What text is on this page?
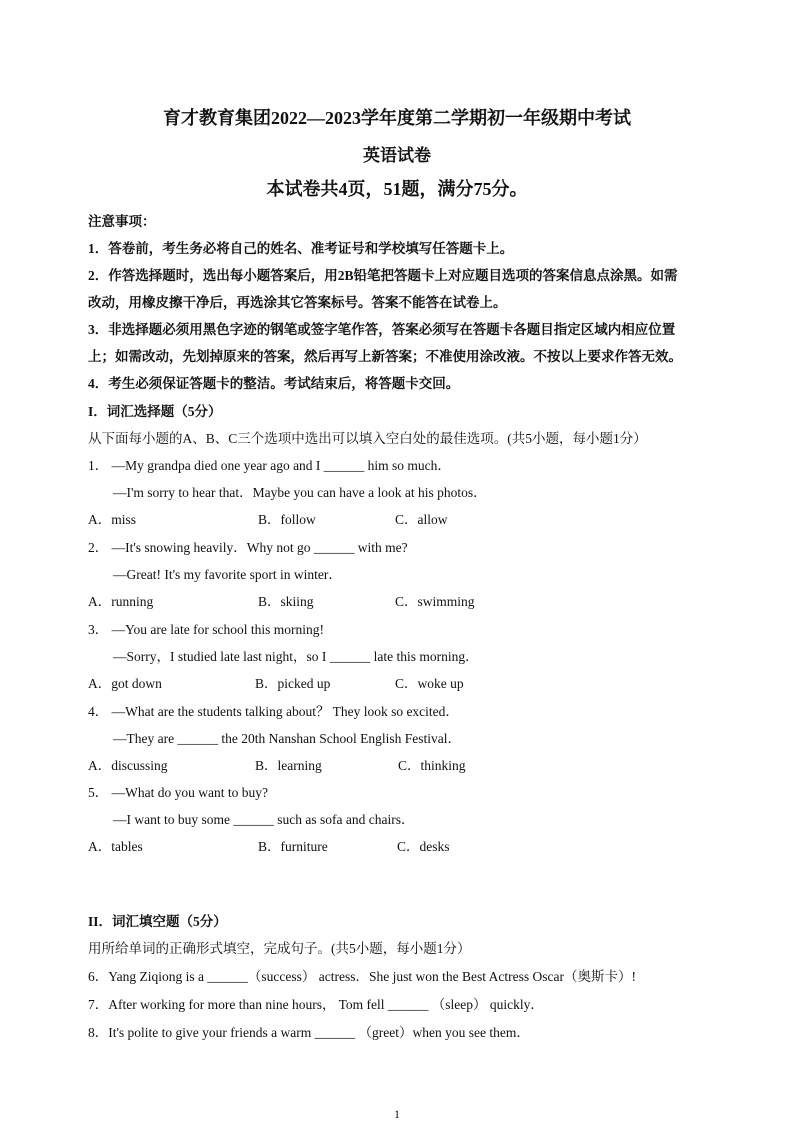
育才教育集团2022—2023学年度第二学期初一年级期中考试
英语试卷
本试卷共4页，51题，满分75分。
注意事项：
1．答卷前，考生务必将自己的姓名、准考证号和学校填写任答题卡上。
2．作答选择题时，选出每小题答案后，用2B铅笔把答题卡上对应题目选项的答案信息点涂黑。如需
改动，用橡皮擦干净后，再选涂其它答案标号。答案不能答在试卷上。
3．非选择题必须用黑色字迹的钢笔或签字笔作答，答案必须写在答题卡各题目指定区域内相应位置
上；如需改动，先划掉原来的答案，然后再写上新答案；不准使用涂改液。不按以上要求作答无效。
4．考生必须保证答题卡的整洁。考试结束后，将答题卡交回。
I．词汇选择题（5分）
从下面每小题的A、B、C三个选项中选出可以填入空白处的最佳选项。(共5小题，每小题1分）
1． —My grandpa died one year ago and I ______ him so much．
—I'm sorry to hear that．Maybe you can have a look at his photos．
A．miss	B．follow	C．allow
2． —It's snowing heavily．Why not go ______ with me?
—Great! It's my favorite sport in winter．
A．running	B．skiing	C．swimming
3． —You are late for school this morning!
—Sorry，I studied late last night，so I ______ late this morning．
A．got down	B．picked up	C．woke up
4． —What are the students talking about？ They look so excited．
—They are ______ the 20th Nanshan School English Festival．
A．discussing	B．learning	C．thinking
5． —What do you want to buy?
—I want to buy some ______ such as sofa and chairs．
A．tables	B．furniture	C．desks
II．词汇填空题（5分）
用所给单词的正确形式填空，完成句子。(共5小题，每小题1分）
6．Yang Ziqiong is a ______（success） actress．She just won the Best Actress Oscar（奥斯卡）!
7．After working for more than nine hours， Tom fell ______ （sleep） quickly．
8．It's polite to give your friends a warm ______ （greet）when you see them．
1
